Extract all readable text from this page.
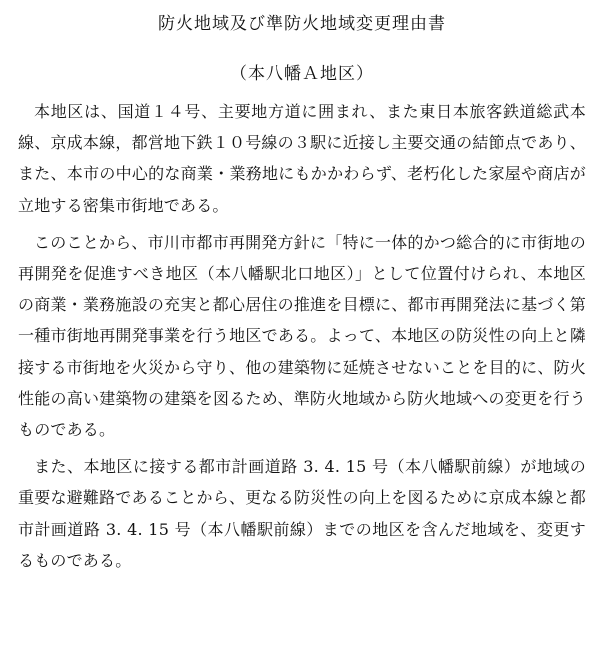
防火地域及び準防火地域変更理由書
（本八幡Ａ地区）

本地区は、国道１４号、主要地方道に囲まれ、また東日本旅客鉄道総武本線、京成本線，都営地下鉄１０号線の３駅に近接し主要交通の結節点であり、また、本市の中心的な商業・業務地にもかかわらず、老朽化した家屋や商店が立地する密集市街地である。

このことから、市川市都市再開発方針に「特に一体的かつ総合的に市街地の再開発を促進すべき地区（本八幡駅北口地区）」として位置付けられ、本地区の商業・業務施設の充実と都心居住の推進を目標に、都市再開発法に基づく第一種市街地再開発事業を行う地区である。よって、本地区の防災性の向上と隣接する市街地を火災から守り、他の建築物に延焼させないことを目的に、防火性能の高い建築物の建築を図るため、準防火地域から防火地域への変更を行うものである。

また、本地区に接する都市計画道路 3. 4. 15 号（本八幡駅前線）が地域の重要な避難路であることから、更なる防災性の向上を図るために京成本線と都市計画道路 3. 4. 15 号（本八幡駅前線）までの地区を含んだ地域を、変更するものである。
